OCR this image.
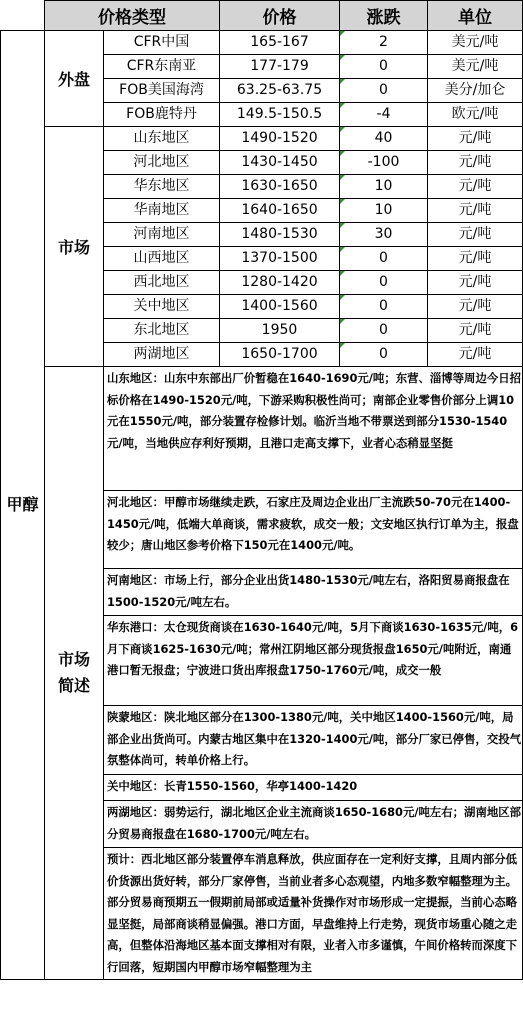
	价格类型		价格	涨跌	单位
甲醇	外盘	CFR中国	165-167	2	美元/吨
		CFR东南亚	177-179	0	美元/吨
		FOB美国海湾	63.25-63.75	0	美分/加仑
		FOB鹿特丹	149.5-150.5	-4	欧元/吨
	市场	山东地区	1490-1520	40	元/吨
		河北地区	1430-1450	-100	元/吨
		华东地区	1630-1650	10	元/吨
		华南地区	1640-1650	10	元/吨
		河南地区	1480-1530	30	元/吨
		山西地区	1370-1500	0	元/吨
		西北地区	1280-1420	0	元/吨
		关中地区	1400-1560	0	元/吨
		东北地区	1950	0	元/吨
		两湖地区	1650-1700	0	元/吨

	市场简述	山东地区：山东中东部出厂价暂稳在1640-1690元/吨；东营、淄博等周边今日招标价格在1490-1520元/吨，下游采购积极性尚可；南部企业零售价部分上调10元在1550元/吨，部分装置存检修计划。临沂当地不带票送到部分1530-1540元/吨，当地供应存利好预期，且港口走高支撑下，业者心态稍显坚挺			
		河北地区：甲醇市场继续走跌，石家庄及周边企业出厂主流跌50-70元在1400-1450元/吨，低端大单商谈，需求疲软，成交一般；文安地区执行订单为主，报盘较少；唐山地区参考价格下150元在1400元/吨。			
		河南地区：市场上行，部分企业出货1480-1530元/吨左右，洛阳贸易商报盘在1500-1520元/吨左右。			
		华东港口：太仓现货商谈在1630-1640元/吨，5月下商谈1630-1635元/吨，6月下商谈1625-1630元/吨；常州江阴地区部分现货报盘1650元/吨附近，南通港口暂无报盘；宁波进口货出库报盘1750-1760元/吨，成交一般			
		陕蒙地区：陕北地区部分在1300-1380元/吨，关中地区1400-1560元/吨，局部企业出货尚可。内蒙古地区集中在1320-1400元/吨，部分厂家已停售，交投气氛整体尚可，转单价格上行。			
		关中地区：长青1550-1560，华亭1400-1420			
		两湖地区：弱势运行，湖北地区企业主流商谈1650-1680元/吨左右；湖南地区部分贸易商报盘在1680-1700元/吨左右。			
		预计：西北地区部分装置停车消息释放，供应面存在一定利好支撑，且周内部分低价货源出货好转，部分厂家停售，当前业者多心态观望，内地多数窄幅整理为主。部分贸易商预期五一假期前局部或适量补货操作对市场形成一定提振，当前心态略显坚挺，局部商谈稍显偏强。港口方面，早盘维持上行走势，现货市场重心随之走高，但整体沿海地区基本面支撑相对有限，业者入市多谨慎，午间价格转而深度下行回落，短期国内甲醇市场窄幅整理为主			
